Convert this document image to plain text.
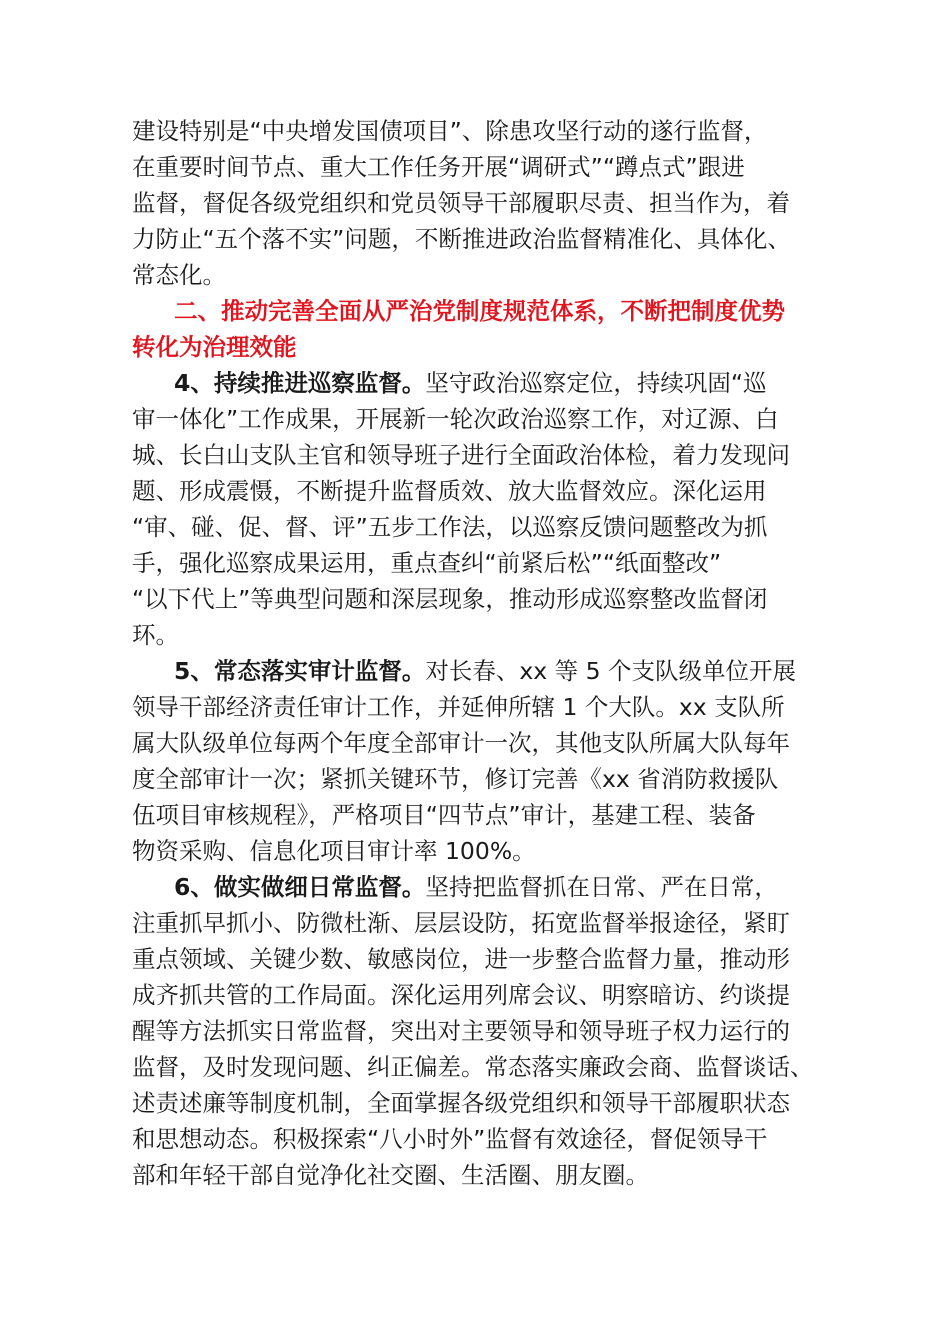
建设特别是“中央增发国债项目”、除患攻坚行动的遂行监督，
在重要时间节点、重大工作任务开展“调研式”“蹲点式”跟进
监督，督促各级党组织和党员领导干部履职尽责、担当作为，着
力防止“五个落不实”问题，不断推进政治监督精准化、具体化、
常态化。
二、推动完善全面从严治党制度规范体系，不断把制度优势
转化为治理效能
4、持续推进巡察监督。坚守政治巡察定位，持续巩固“巡
审一体化”工作成果，开展新一轮次政治巡察工作，对辽源、白
城、长白山支队主官和领导班子进行全面政治体检，着力发现问
题、形成震慑，不断提升监督质效、放大监督效应。深化运用
“审、碰、促、督、评”五步工作法，以巡察反馈问题整改为抓
手，强化巡察成果运用，重点查纠“前紧后松”“纸面整改”
“以下代上”等典型问题和深层现象，推动形成巡察整改监督闭
环。
5、常态落实审计监督。对长春、xx 等 5 个支队级单位开展
领导干部经济责任审计工作，并延伸所辖 1 个大队。xx 支队所
属大队级单位每两个年度全部审计一次，其他支队所属大队每年
度全部审计一次；紧抓关键环节，修订完善《xx 省消防救援队
伍项目审核规程》，严格项目“四节点”审计，基建工程、装备
物资采购、信息化项目审计率 100%。
6、做实做细日常监督。坚持把监督抓在日常、严在日常，
注重抓早抓小、防微杜渐、层层设防，拓宽监督举报途径，紧盯
重点领域、关键少数、敏感岗位，进一步整合监督力量，推动形
成齐抓共管的工作局面。深化运用列席会议、明察暗访、约谈提
醒等方法抓实日常监督，突出对主要领导和领导班子权力运行的
监督，及时发现问题、纠正偏差。常态落实廉政会商、监督谈话、
述责述廉等制度机制，全面掌握各级党组织和领导干部履职状态
和思想动态。积极探索“八小时外”监督有效途径，督促领导干
部和年轻干部自觉净化社交圈、生活圈、朋友圈。
